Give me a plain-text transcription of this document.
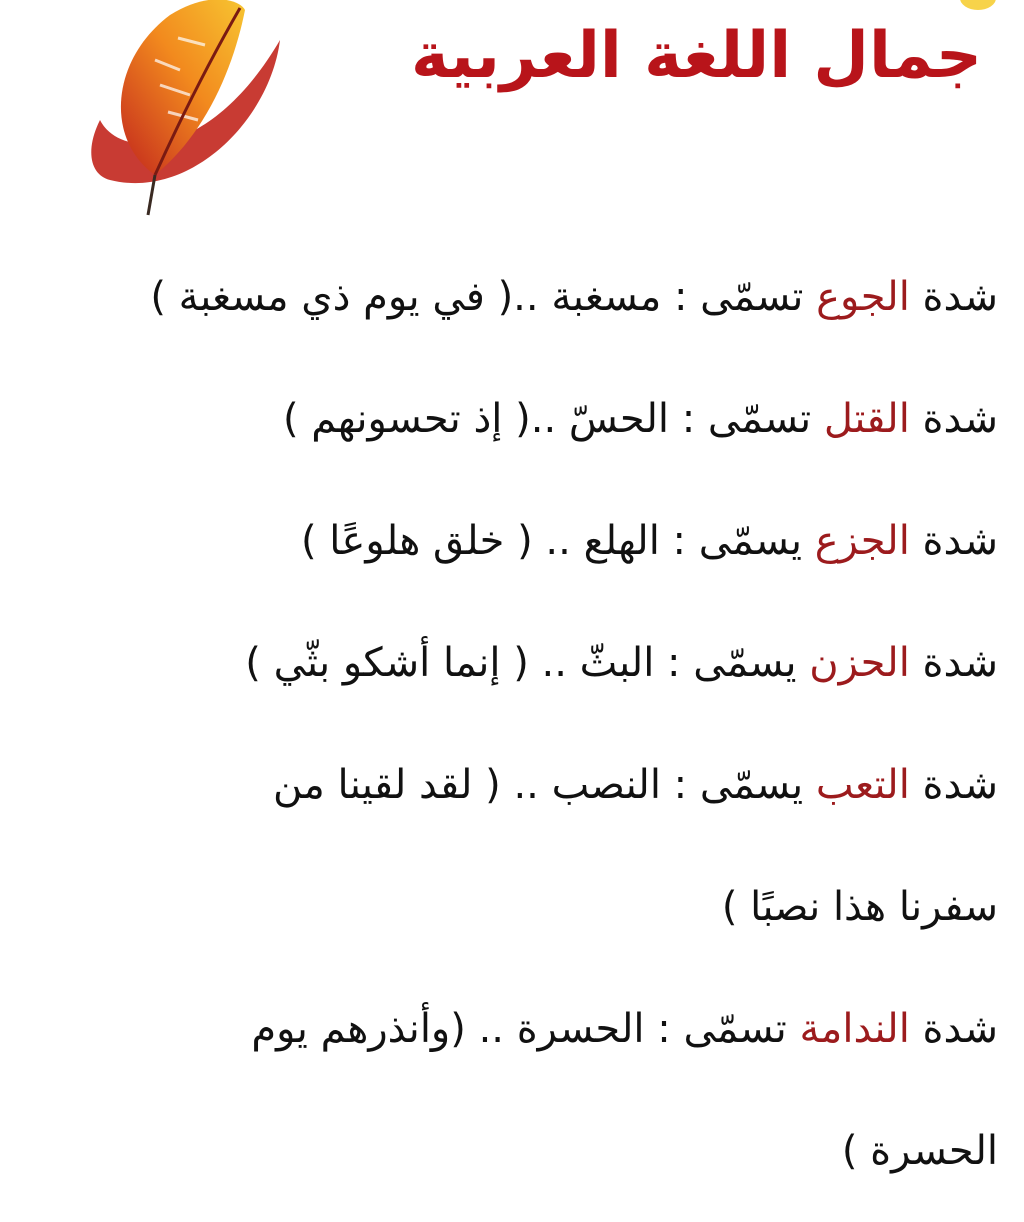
جمال اللغة العربية
شدة الجوع تسمّى : مسغبة ..( في يوم ذي مسغبة )
شدة القتل تسمّى : الحسّ ..( إذ تحسونهم )
شدة الجزع يسمّى : الهلع .. ( خلق هلوعًا )
شدة الحزن يسمّى : البثّ .. ( إنما أشكو بثّي )
شدة التعب يسمّى : النصب .. ( لقد لقينا من
سفرنا هذا نصبًا )
شدة الندامة تسمّى : الحسرة .. (وأنذرهم يوم
الحسرة )
